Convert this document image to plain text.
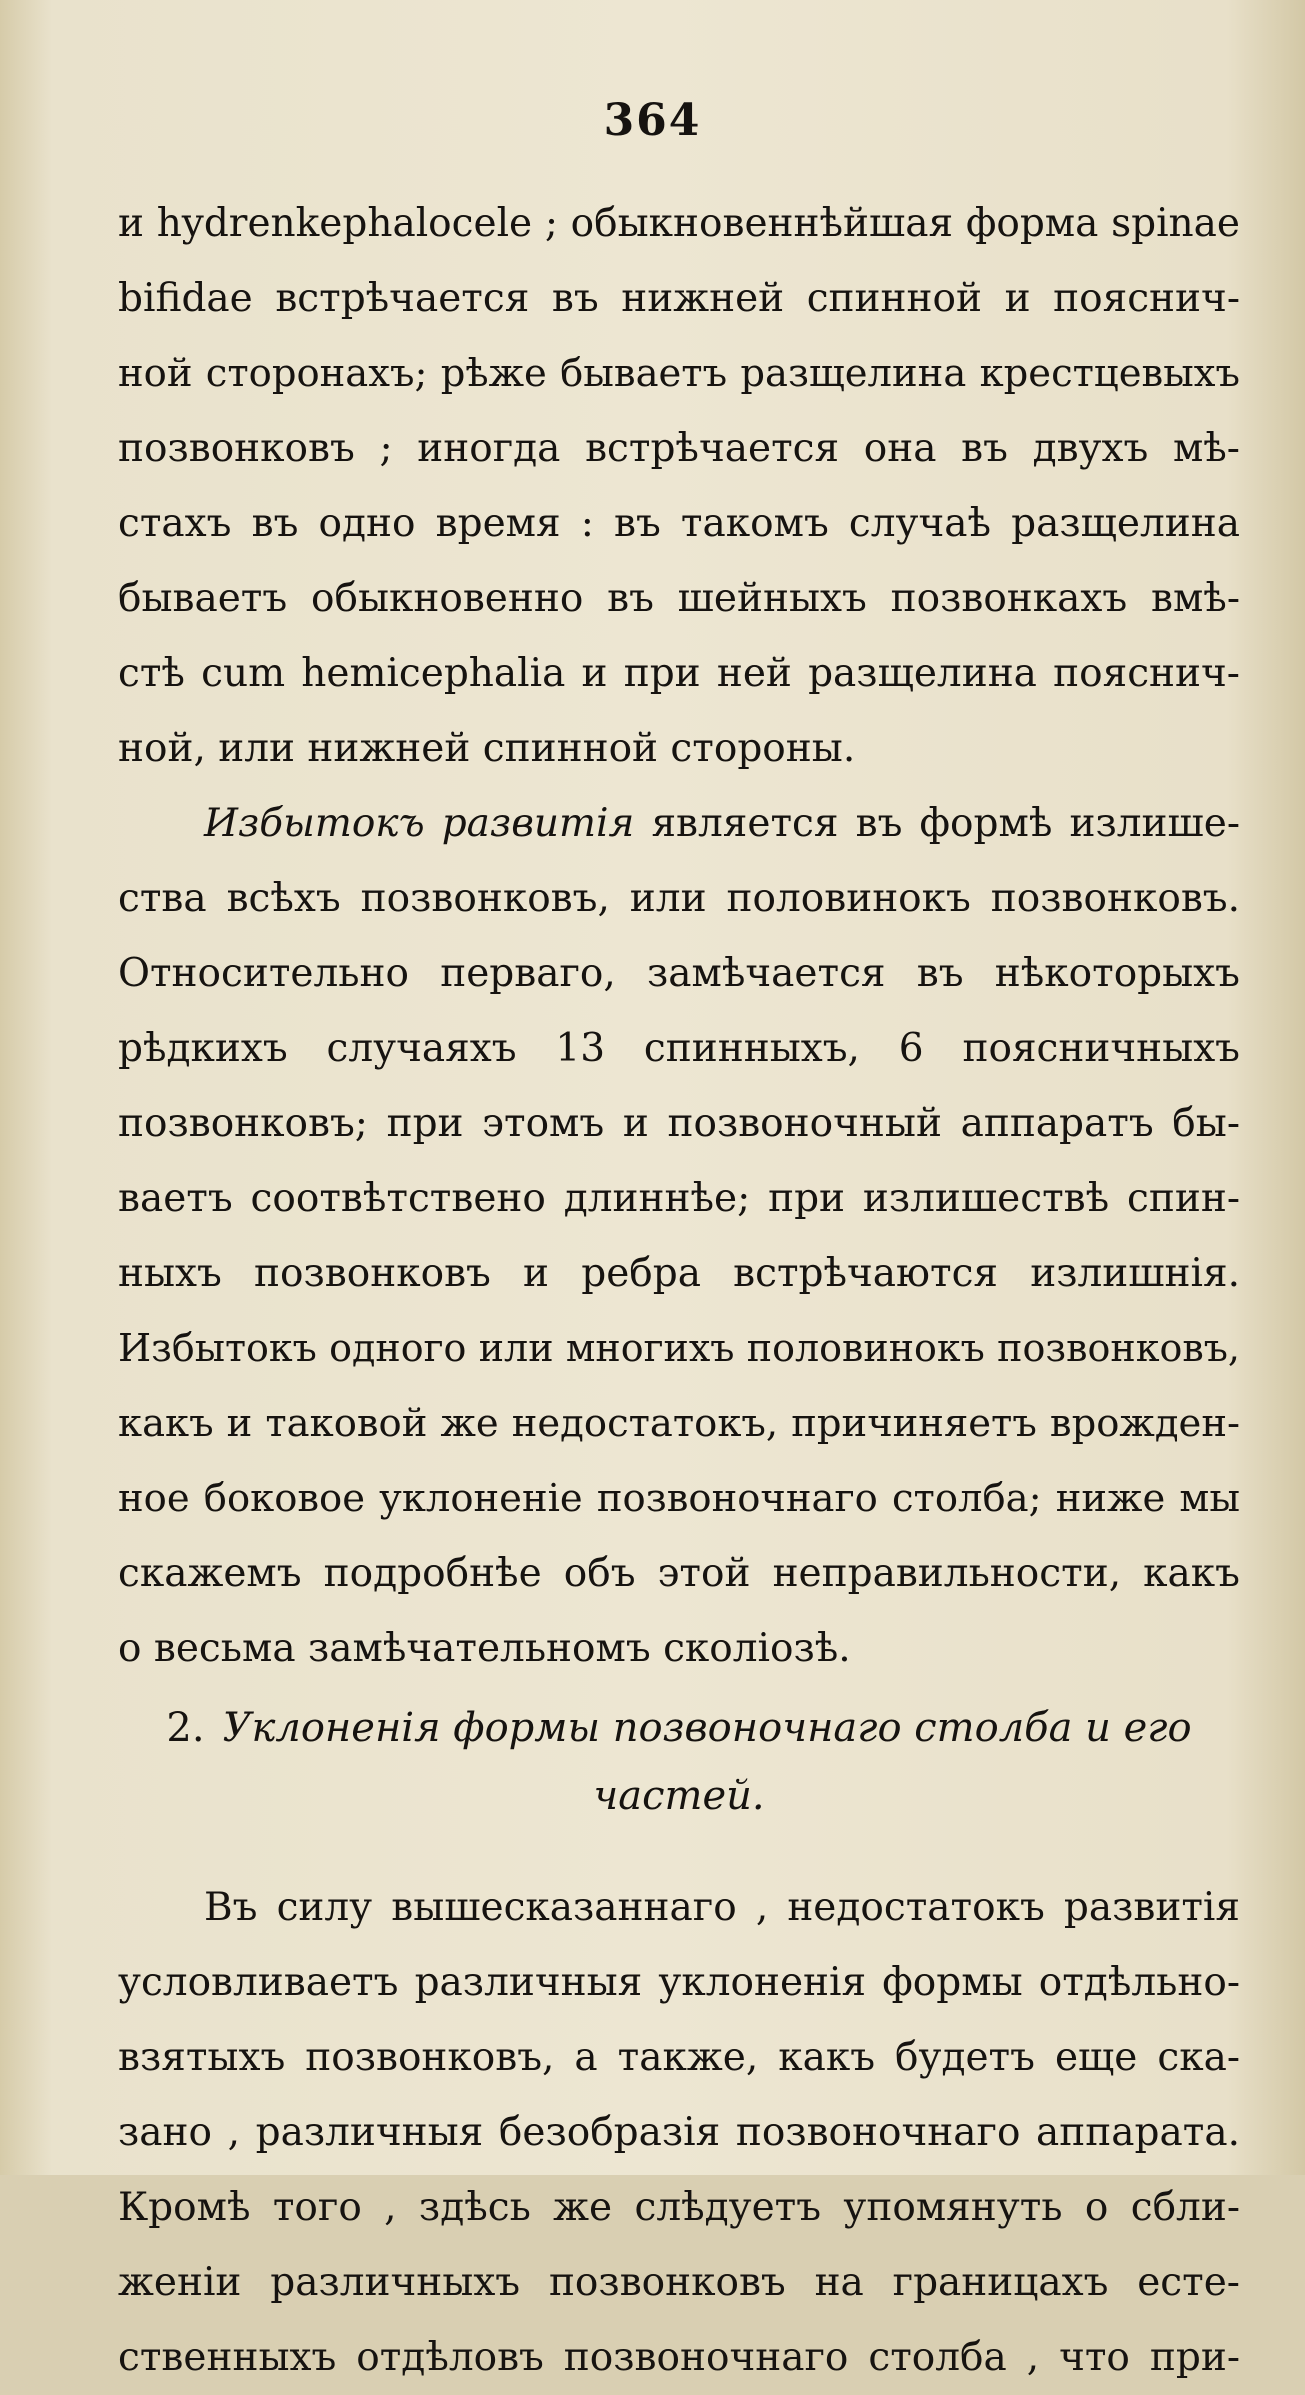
364
и hydrenkephalocele ; обыкновеннѣйшая форма spinae
bifidae встрѣчается въ нижней спинной и пояснич-
ной сторонахъ; рѣже бываетъ разщелина крестцевыхъ
позвонковъ ; иногда встрѣчается она въ двухъ мѣ-
стахъ въ одно время : въ такомъ случаѣ разщелина
бываетъ обыкновенно въ шейныхъ позвонкахъ вмѣ-
стѣ cum hemicephalia и при ней разщелина пояснич-
ной, или нижней спинной стороны.
Избытокъ развитія является въ формѣ излише-
ства всѣхъ позвонковъ, или половинокъ позвонковъ.
Относительно перваго, замѣчается въ нѣкоторыхъ
рѣдкихъ случаяхъ 13 спинныхъ, 6 поясничныхъ
позвонковъ; при этомъ и позвоночный аппаратъ бы-
ваетъ соотвѣтствено длиннѣе; при излишествѣ спин-
ныхъ позвонковъ и ребра встрѣчаются излишнія.
Избытокъ одного или многихъ половинокъ позвонковъ,
какъ и таковой же недостатокъ, причиняетъ врожден-
ное боковое уклоненіе позвоночнаго столба; ниже мы
скажемъ подробнѣе объ этой неправильности, какъ
о весьма замѣчательномъ сколіозѣ.
2. Уклоненія формы позвоночнаго столба и его
частей.
Въ силу вышесказаннаго , недостатокъ развитія
условливаетъ различныя уклоненія формы отдѣльно-
взятыхъ позвонковъ, а также, какъ будетъ еще ска-
зано , различныя безобразія позвоночнаго аппарата.
Кромѣ того , здѣсь же слѣдуетъ упомянуть о сбли-
женіи различныхъ позвонковъ на границахъ есте-
ственныхъ отдѣловъ позвоночнаго столба , что при-
